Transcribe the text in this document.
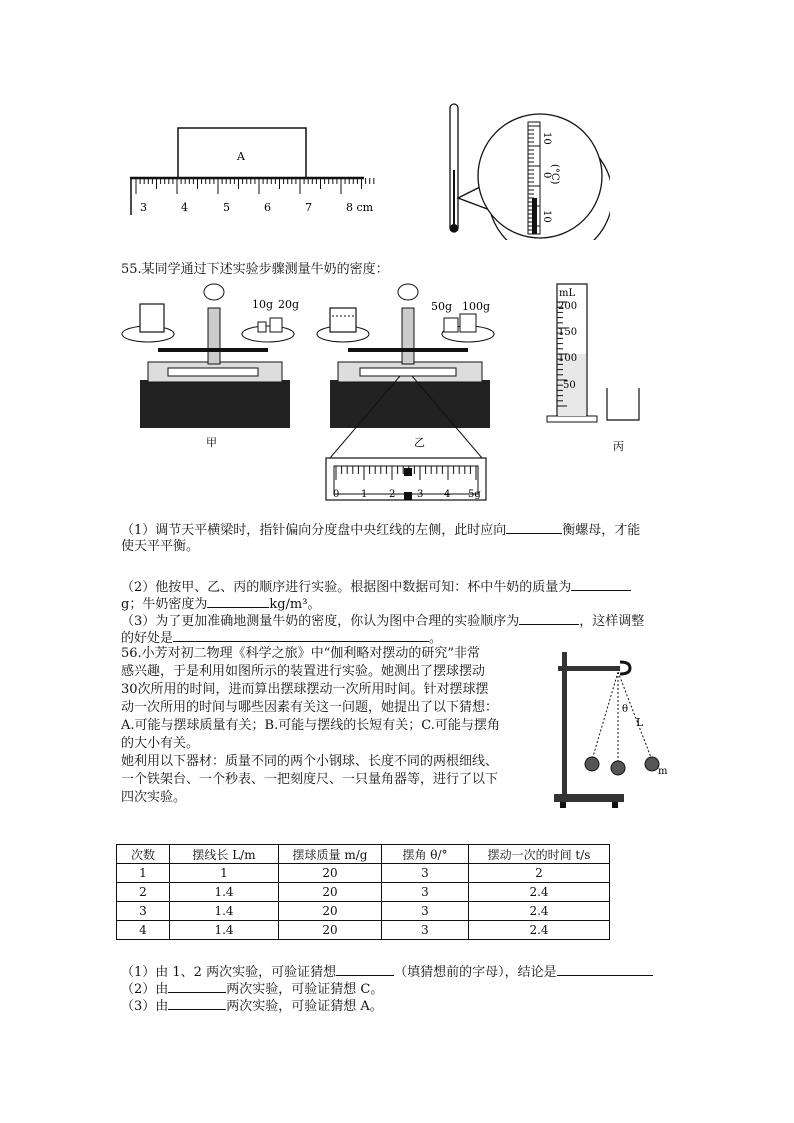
A
3	4	5	6	7	8 cm
10
0
10
(°C)
55.某同学通过下述实验步骤测量牛奶的密度：
10g 20g
甲
50g 100g
乙
0 1 2 3 4 5g
mL
200
150
100
50
丙
（1）调节天平横梁时，指针偏向分度盘中央红线的左侧，此时应向	衡螺母，才能
使天平平衡。
（2）他按甲、乙、丙的顺序进行实验。根据图中数据可知：杯中牛奶的质量为
g；牛奶密度为	kg/m³。
（3）为了更加准确地测量牛奶的密度，你认为图中合理的实验顺序为	，这样调整
的好处是	。
56.小芳对初二物理《科学之旅》中“伽利略对摆动的研究”非常
感兴趣，于是利用如图所示的装置进行实验。她测出了摆球摆动
30次所用的时间，进而算出摆球摆动一次所用时间。针对摆球摆
动一次所用的时间与哪些因素有关这一问题，她提出了以下猜想：
A.可能与摆球质量有关；B.可能与摆线的长短有关；C.可能与摆角
的大小有关。
她利用以下器材：质量不同的两个小钢球、长度不同的两根细线、
一个铁架台、一个秒表、一把刻度尺、一只量角器等，进行了以下
四次实验。
θ
L
m
次数	摆线长 L/m	摆球质量 m/g	摆角 θ/°	摆动一次的时间 t/s
1	1	20	3	2
2	1.4	20	3	2.4
3	1.4	20	3	2.4
4	1.4	20	3	2.4
（1）由 1、2 两次实验，可验证猜想	（填猜想前的字母），结论是
（2）由	两次实验，可验证猜想 C。
（3）由	两次实验，可验证猜想 A。
